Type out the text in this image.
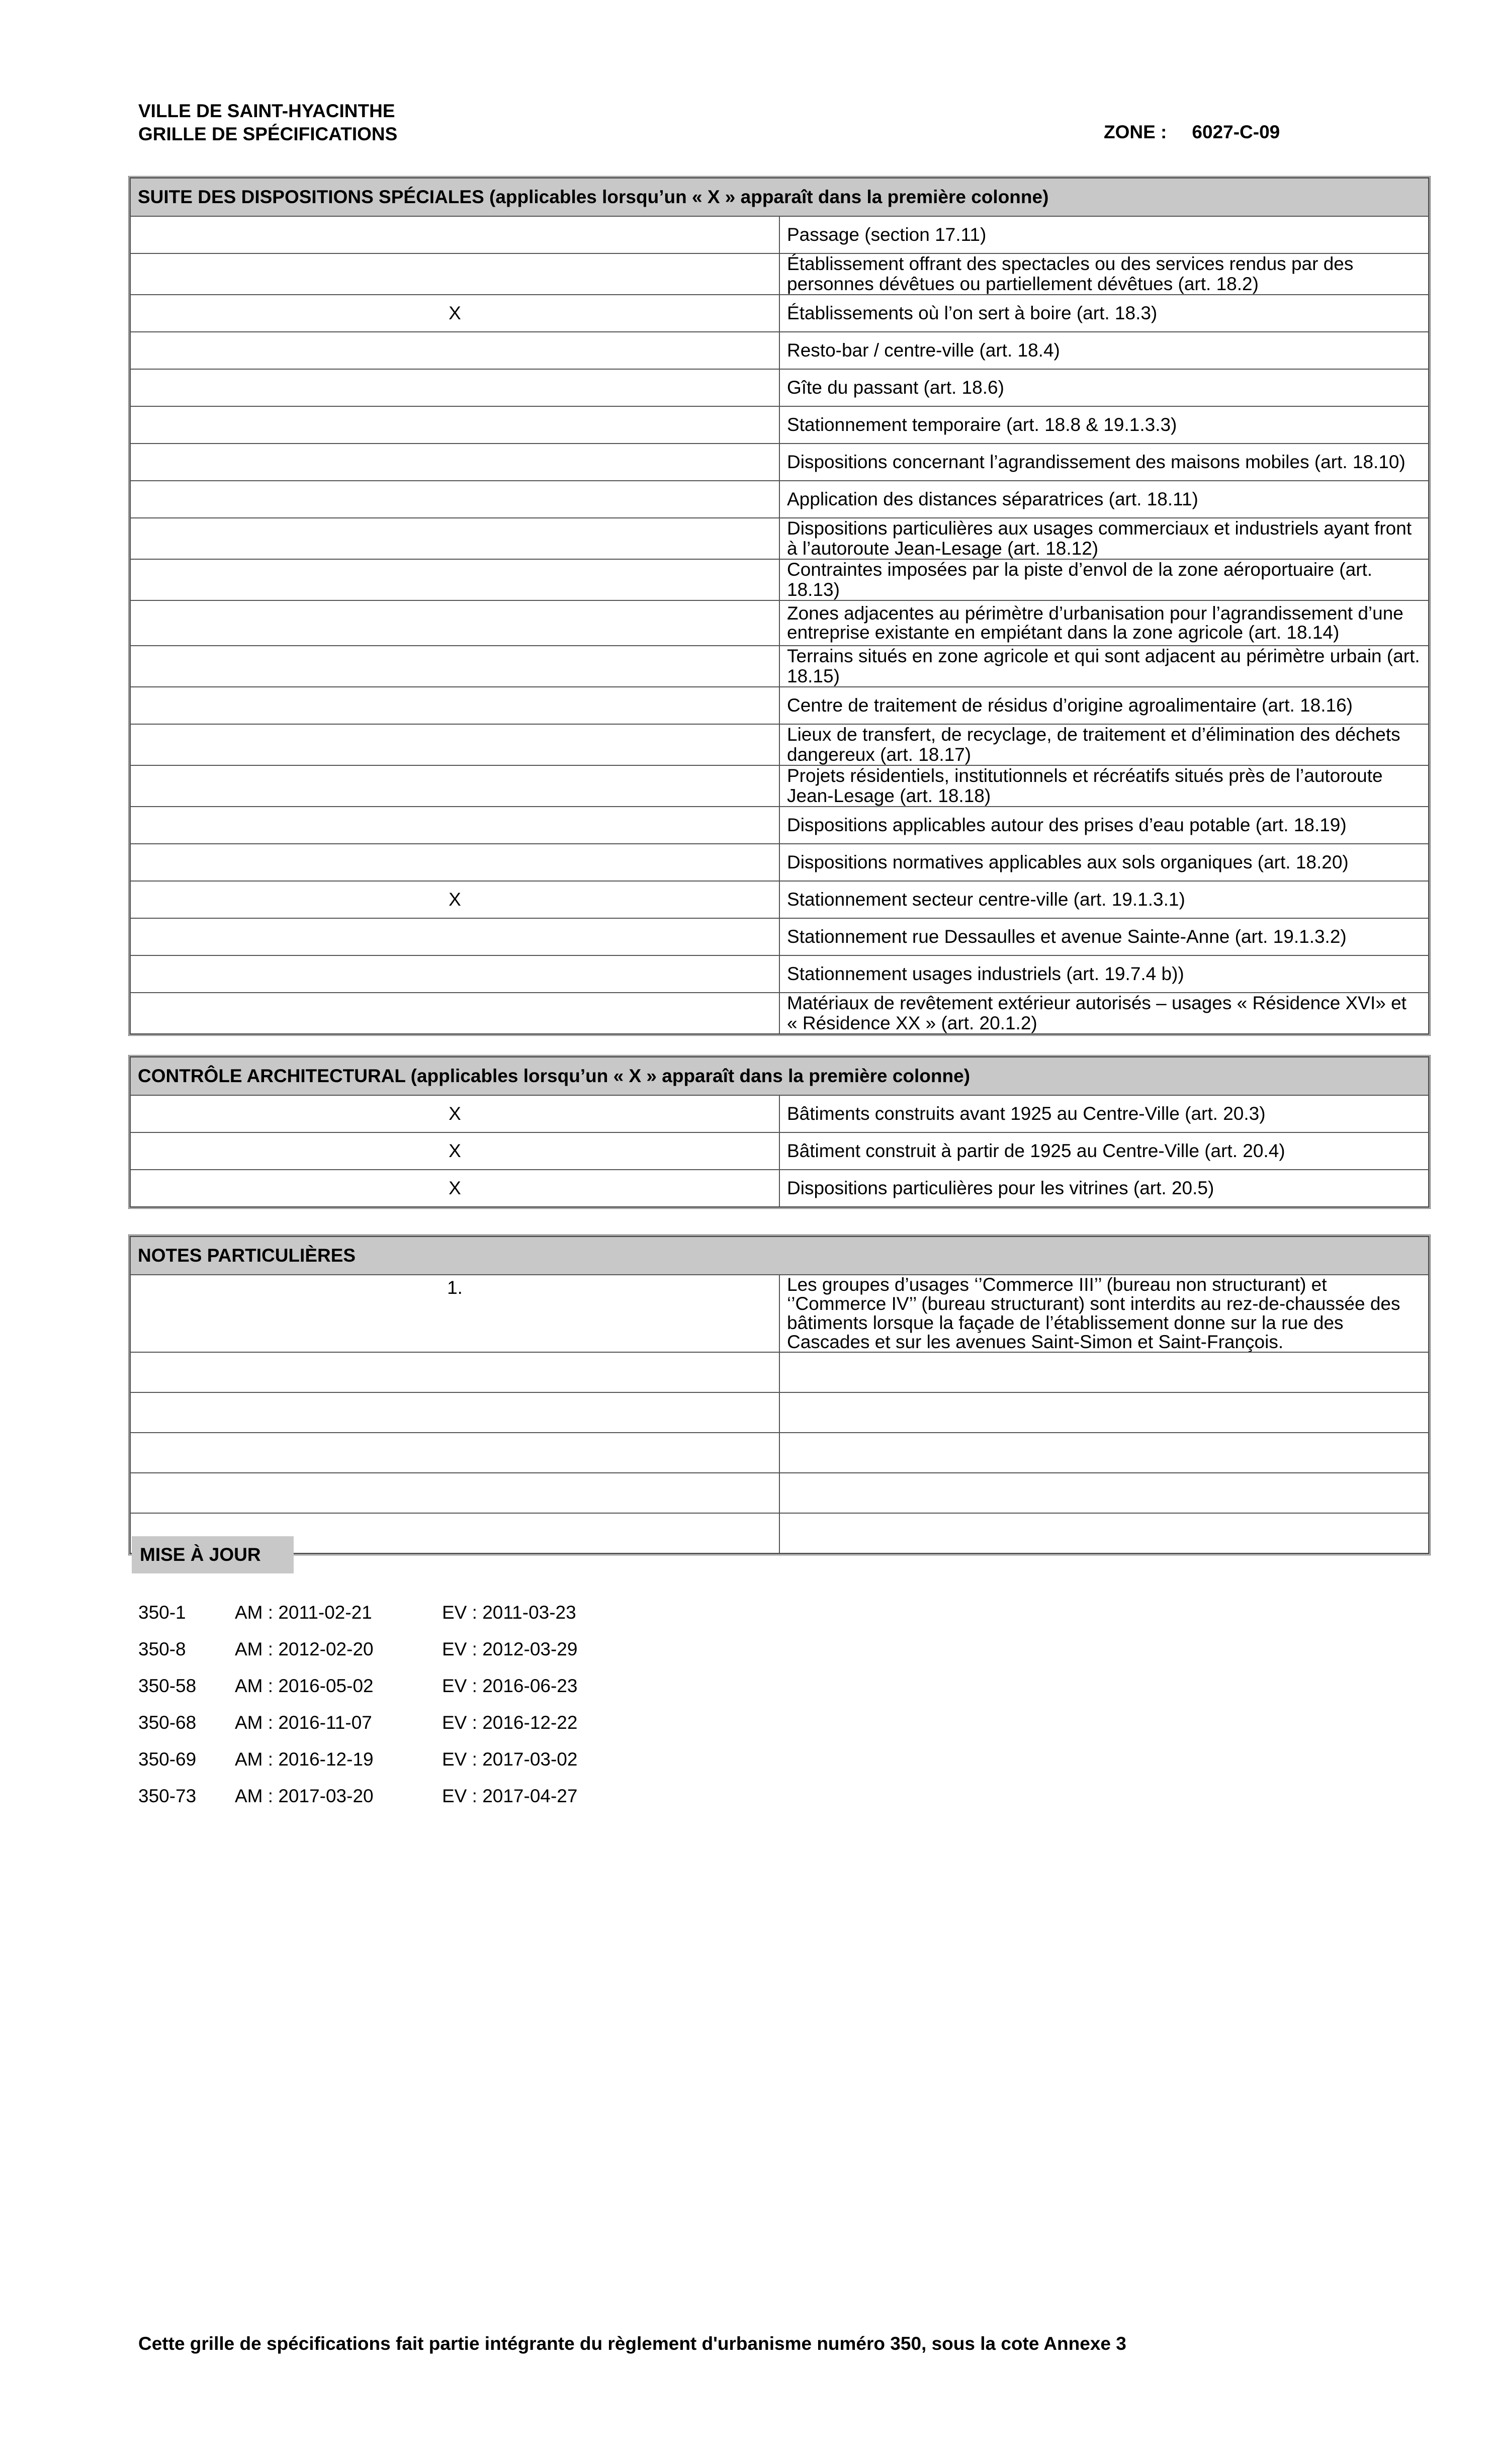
VILLE DE SAINT-HYACINTHE
GRILLE DE SPÉCIFICATIONS	ZONE : 6027-C-09
SUITE DES DISPOSITIONS SPÉCIALES (applicables lorsqu’un « X » apparaît dans la première colonne)	
	Passage (section 17.11)
	Établissement offrant des spectacles ou des services rendus par des personnes dévêtues ou partiellement dévêtues (art. 18.2)
X	Établissements où l’on sert à boire (art. 18.3)
	Resto-bar / centre-ville (art. 18.4)
	Gîte du passant (art. 18.6)
	Stationnement temporaire (art. 18.8 & 19.1.3.3)
	Dispositions concernant l’agrandissement des maisons mobiles (art. 18.10)
	Application des distances séparatrices (art. 18.11)
	Dispositions particulières aux usages commerciaux et industriels ayant front à l’autoroute Jean-Lesage (art. 18.12)
	Contraintes imposées par la piste d’envol de la zone aéroportuaire (art. 18.13)
	Zones adjacentes au périmètre d’urbanisation pour l’agrandissement d’une entreprise existante en empiétant dans la zone agricole (art. 18.14)
	Terrains situés en zone agricole et qui sont adjacent au périmètre urbain (art. 18.15)
	Centre de traitement de résidus d’origine agroalimentaire (art. 18.16)
	Lieux de transfert, de recyclage, de traitement et d’élimination des déchets dangereux (art. 18.17)
	Projets résidentiels, institutionnels et récréatifs situés près de l’autoroute Jean-Lesage (art. 18.18)
	Dispositions applicables autour des prises d’eau potable (art. 18.19)
	Dispositions normatives applicables aux sols organiques (art. 18.20)
X	Stationnement secteur centre-ville (art. 19.1.3.1)
	Stationnement rue Dessaulles et avenue Sainte-Anne (art. 19.1.3.2)
	Stationnement usages industriels (art. 19.7.4 b))
	Matériaux de revêtement extérieur autorisés – usages « Résidence XVI» et « Résidence XX » (art. 20.1.2)
CONTRÔLE ARCHITECTURAL (applicables lorsqu’un « X » apparaît dans la première colonne)	
X	Bâtiments construits avant 1925 au Centre-Ville (art. 20.3)
X	Bâtiment construit à partir de 1925 au Centre-Ville (art. 20.4)
X	Dispositions particulières pour les vitrines (art. 20.5)
NOTES PARTICULIÈRES	
1.	Les groupes d’usages ‘’Commerce III’’ (bureau non structurant) et ‘’Commerce IV’’ (bureau structurant) sont interdits au rez-de-chaussée des bâtiments lorsque la façade de l’établissement donne sur la rue des Cascades et sur les avenues Saint-Simon et Saint-François.

MISE À JOUR
350-1	AM : 2011-02-21	EV : 2011-03-23
350-8	AM : 2012-02-20	EV : 2012-03-29
350-58 AM : 2016-05-02	EV : 2016-06-23
350-68 AM : 2016-11-07	EV : 2016-12-22
350-69 AM : 2016-12-19	EV : 2017-03-02
350-73 AM : 2017-03-20	EV : 2017-04-27
Cette grille de spécifications fait partie intégrante du règlement d'urbanisme numéro 350, sous la cote Annexe 3
